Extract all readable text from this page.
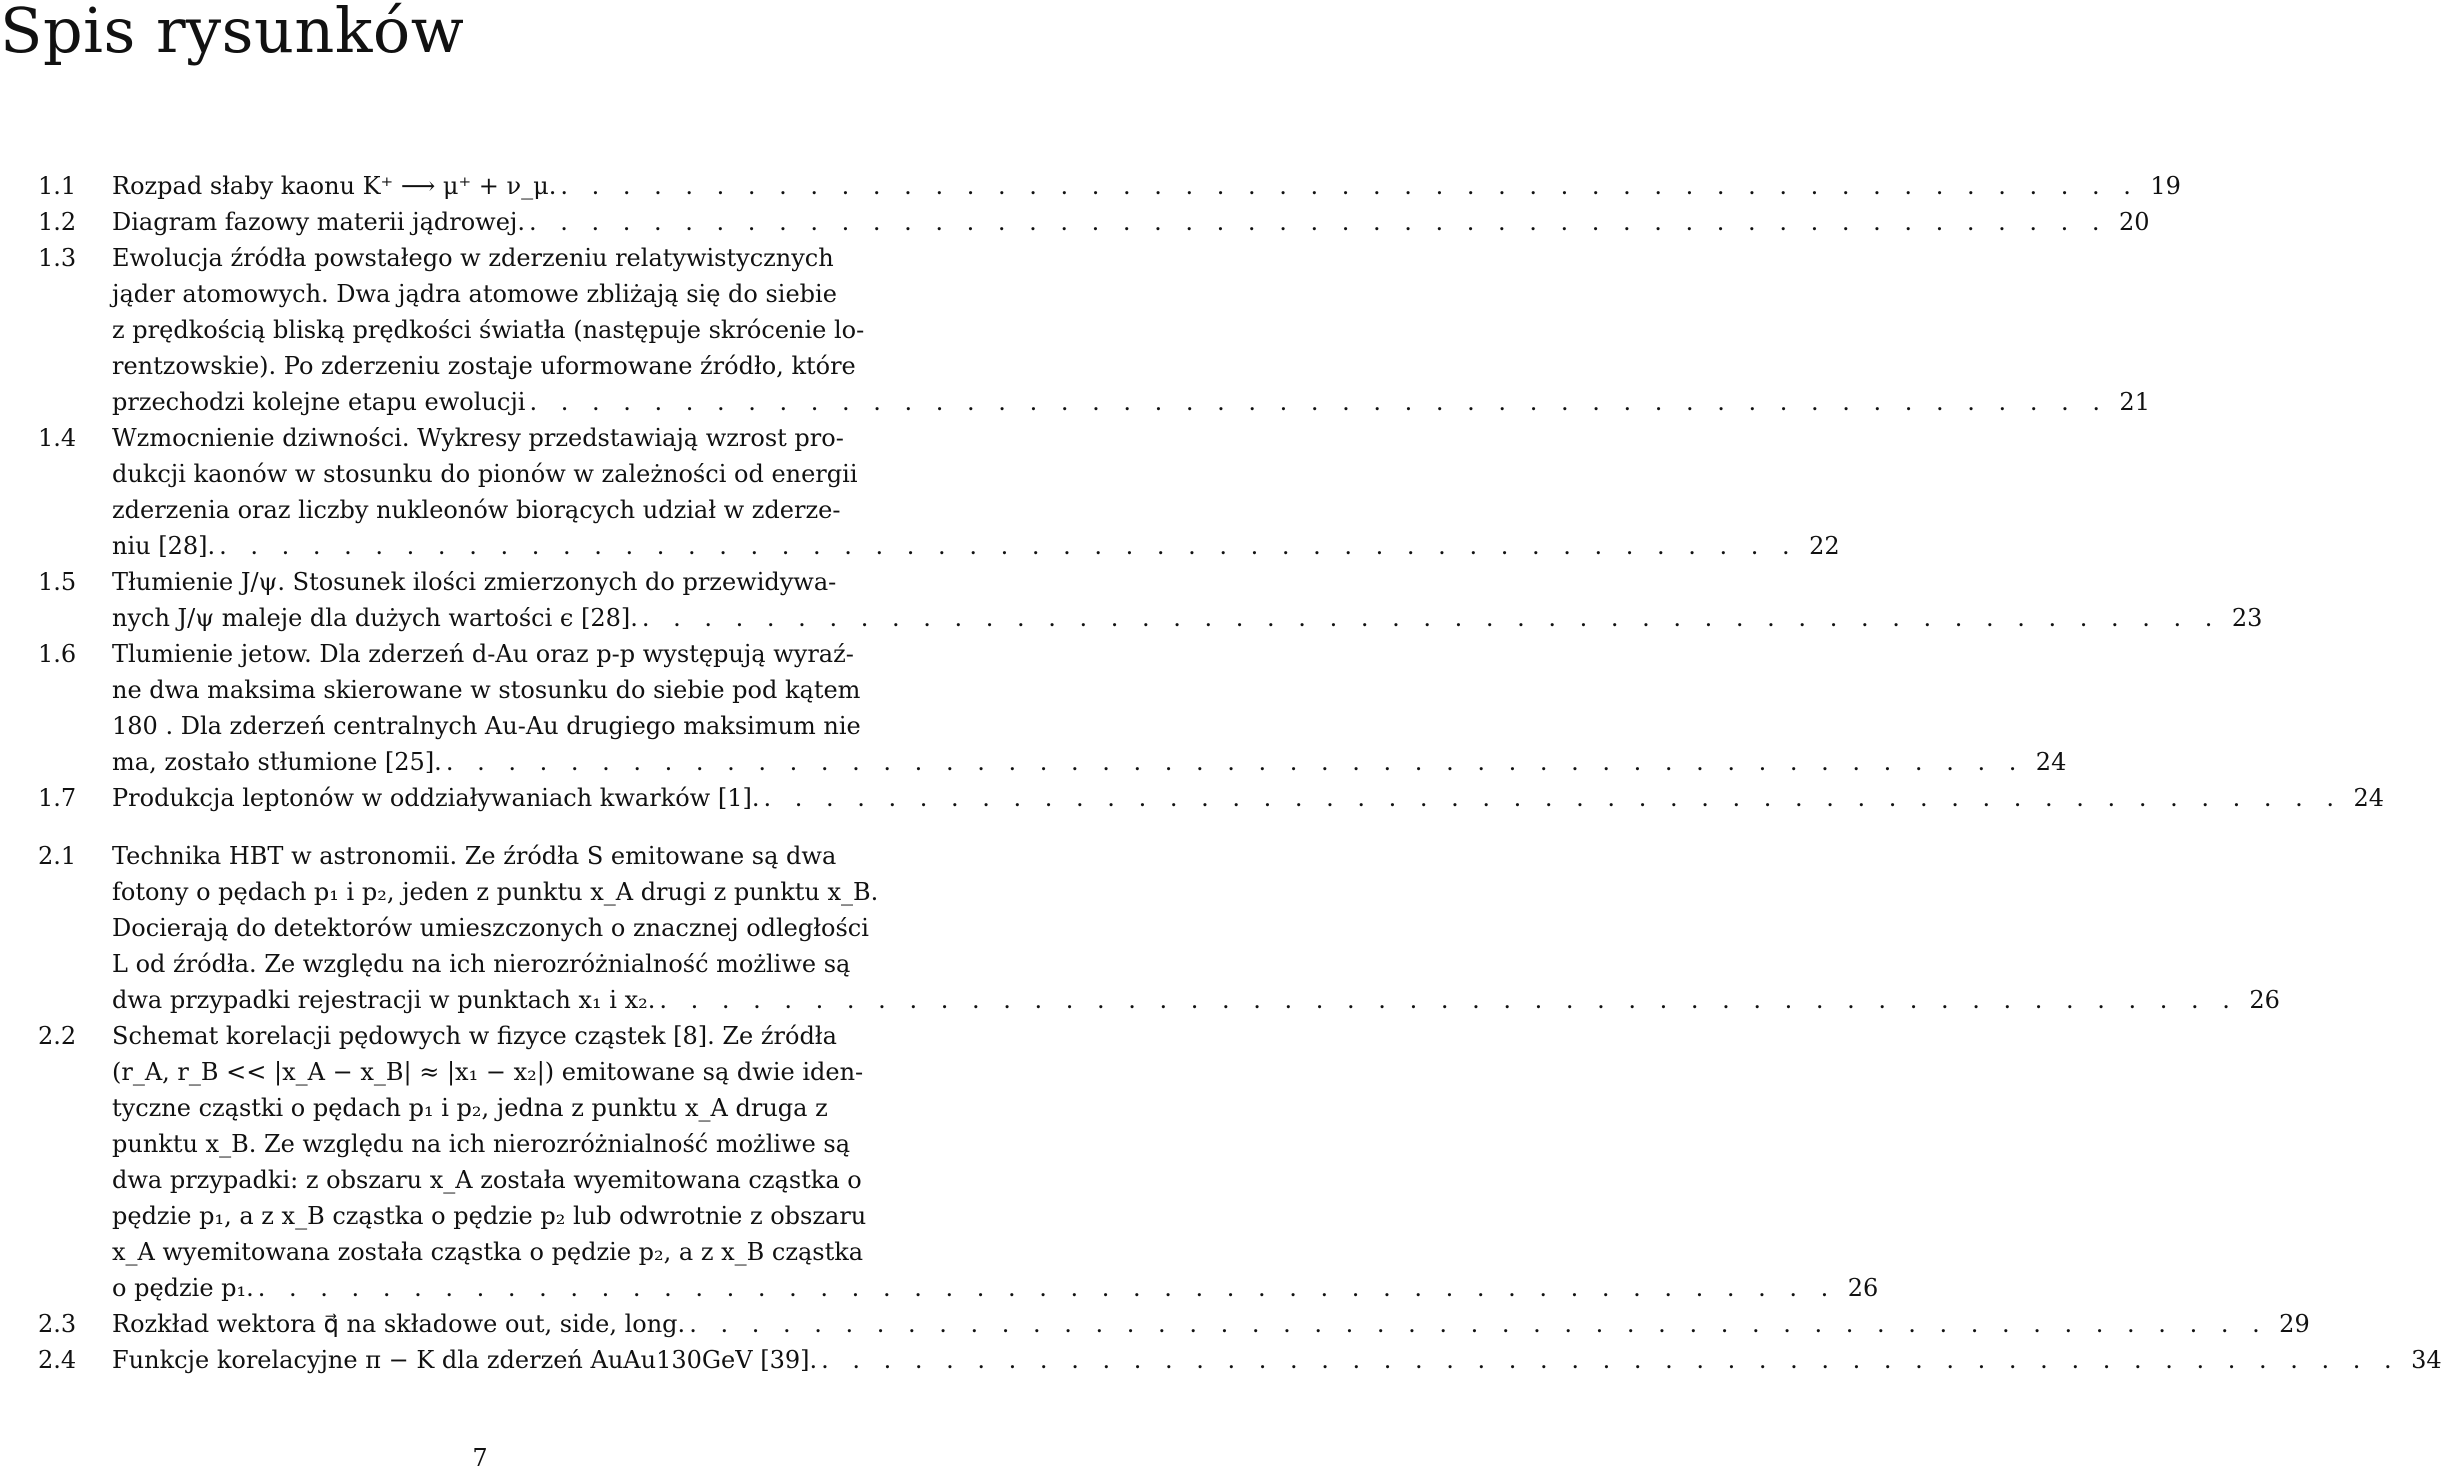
Spis rysunków
1.1	Rozpad słaby kaonu K⁺ ⟶ μ⁺ + ν_μ. . . . . . . . . . . . . . . . . . . . . . . . . . . . . . . . . . . . . . . . . . . . . . . . . . . . 19
1.2	Diagram fazowy materii jądrowej. . . . . . . . . . . . . . . . . . . . . . . . . . . . . . . . . . . . . . . . . . . . . . . . . . . . 20
1.3	Ewolucja źródła powstałego w zderzeniu relatywistycznych
jąder atomowych. Dwa jądra atomowe zbliżają się do siebie
z prędkością bliską prędkości światła (następuje skrócenie lo-
rentzowskie). Po zderzeniu zostaje uformowane źródło, które
przechodzi kolejne etapu ewolucji . . . . . . . . . . . . . . . . . . . . . . . . . . . . . . . . . . . . . . . . . . . . . . . . . . . 21
1.4	Wzmocnienie dziwności. Wykresy przedstawiają wzrost pro-
dukcji kaonów w stosunku do pionów w zależności od energii
zderzenia oraz liczby nukleonów biorących udział w zderze-
niu [28]. . . . . . . . . . . . . . . . . . . . . . . . . . . . . . . . . . . . . . . . . . . . . . . . . . . . 22
1.5	Tłumienie J/ψ. Stosunek ilości zmierzonych do przewidywa-
nych J/ψ maleje dla dużych wartości ϵ [28]. . . . . . . . . . . . . . . . . . . . . . . . . . . . . . . . . . . . . . . . . . . . . . . . . . . . 23
1.6	Tlumienie jetow. Dla zderzeń d-Au oraz p-p występują wyraź-
ne dwa maksima skierowane w stosunku do siebie pod kątem
180 . Dla zderzeń centralnych Au-Au drugiego maksimum nie
ma, zostało stłumione [25]. . . . . . . . . . . . . . . . . . . . . . . . . . . . . . . . . . . . . . . . . . . . . . . . . . . . 24
1.7	Produkcja leptonów w oddziaływaniach kwarków [1]. . . . . . . . . . . . . . . . . . . . . . . . . . . . . . . . . . . . . . . . . . . . . . . . . . . . 24
2.1	Technika HBT w astronomii. Ze źródła S emitowane są dwa
fotony o pędach p₁ i p₂, jeden z punktu x_A drugi z punktu x_B.
Docierają do detektorów umieszczonych o znacznej odległości
L od źródła. Ze względu na ich nierozróżnialność możliwe są
dwa przypadki rejestracji w punktach x₁ i x₂. . . . . . . . . . . . . . . . . . . . . . . . . . . . . . . . . . . . . . . . . . . . . . . . . . . . 26
2.2	Schemat korelacji pędowych w fizyce cząstek [8]. Ze źródła
(r_A, r_B << |x_A − x_B| ≈ |x₁ − x₂|) emitowane są dwie iden-
tyczne cząstki o pędach p₁ i p₂, jedna z punktu x_A druga z
punktu x_B. Ze względu na ich nierozróżnialność możliwe są
dwa przypadki: z obszaru x_A została wyemitowana cząstka o
pędzie p₁, a z x_B cząstka o pędzie p₂ lub odwrotnie z obszaru
x_A wyemitowana została cząstka o pędzie p₂, a z x_B cząstka
o pędzie p₁. . . . . . . . . . . . . . . . . . . . . . . . . . . . . . . . . . . . . . . . . . . . . . . . . . . . 26
2.3	Rozkład wektora q⃗ na składowe out, side, long. . . . . . . . . . . . . . . . . . . . . . . . . . . . . . . . . . . . . . . . . . . . . . . . . . . . 29
2.4	Funkcje korelacyjne π − K dla zderzeń AuAu130GeV [39]. . . . . . . . . . . . . . . . . . . . . . . . . . . . . . . . . . . . . . . . . . . . . . . . . . . . 34
7
